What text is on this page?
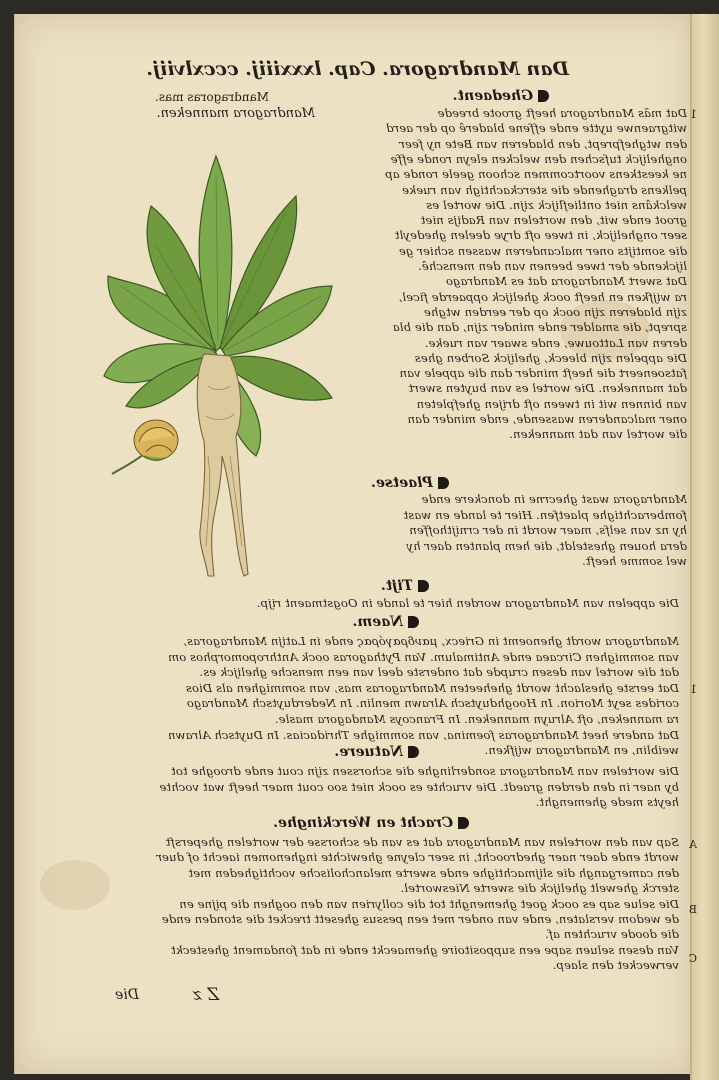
Dan Mandragora. Cap. lxxxiiij. cccxlviij.
Mandragoras mas.
Mandragora manneken.
Ghedaent.
1
Dat mãs Mandragora heeft groote breede
witgraenwe uytte ende effene bladerê op der aerd
den wtghefprept, den bladeren van Bete ny feer
onghelijck tufschen den welcken eleyn ronde effe
ne keestkens voortcommen schoon geele ronde ap
pelkens draghende die sterckachtigh van rueke
welckâns niet ontlieflijck zijn. Die wortel es
groot ende wit, den wortelen van Radijs niet
seer onghelijck, in twee oft drye deelen ghedeylt
die somtijts oner malcanderen wassen schier ge
lijckende der twee beenen van den menschê.
Dat swert Mandragora dat es Mandrago
ra wijfken en heeft oock ghelijck oppaerde ficel,
zijn bladeren zijn oock op der eerden wtghe
sprept, die smalder ende minder zijn, dan die bla
deren van Lattouwe, ende swaer van rueke.
Die appelen zijn bleeck, ghelijck Sorben ghes
fatsoeneert die heeft minder dan die appele van
dat manneken. Die wortel es van buyten swert
van binnen wit in tween oft drijen ghefpleten
oner malcanderen wassende, ende minder dan
die wortel van dat manneken.
Plaetse.
Mandragora wast ghecrne in donckere ende
fomberachtighe plaetfen. Hier te lande en wast
hy nz van selfs, maer wordt in der crnijthoffen
dera houen ghesteldt, die hem planten daer hy
wel somme heeft.
Tijt.
Die appelen van Mandragora worden hier te lande in Oogstmaent rijp.
Naem.
1
Mandragora wordt ghenoemt in Griecx, μανδραγόρας ende in Latijn Mandragoras,
van sommighen Circaea ende Antimalum. Van Pythagoras oock Anthropomorphos om
dat die wortel van desen crupde dat onderste deel van een mensche ghelijck es.
Dat eerste gheslacht wordt gheheeten Mandragoras mas, van sommighen als Dios
corides seyt Morion. In Hooghduytsch Alrawn menlin. In Nederduytsch Mandrago
ra manneken, oft Alruyn manneken. In Francoys Mandagora masle.
Dat andere heet Mandragoras foemina, van sommighe Thridacias. In Duytsch Alrawn
weiblin, en Mandragora wijfken.
Natuere.
Die wortelen van Mandragora sonderlinghe die schorssen zijn cout ende drooghe tot
by naer in den derden graedt. Die vruchte es oock niet soo cout maer heeft wat vochte
heyts mede ghemenght.
Cracht en Werckinghe.
A
B
C
Sap van den wortelen van Mandragora dat es van de schorsse der wortelen ghepersft
wordt ende daer naer ghedroocht, in seer cleyne ghewichte inghenomen iaecht of duer
den camergangh die slijmachtighe ende swerte melancholische vochtigheden met
sterck ghewelt ghelijck die swerte Nieswortel.
Die selue sap es oock goet ghemenght tot die collyrien van den ooghen die pijne en
de wedom verslaten, ende van onder met een pessus ghesett trecket die stonden ende
die doode vruchten af.
Van desen seluen sape een suppositoire ghemaeckt ende in dat fondament ghesteckt
verwecket den slaep.
Z z
Die
